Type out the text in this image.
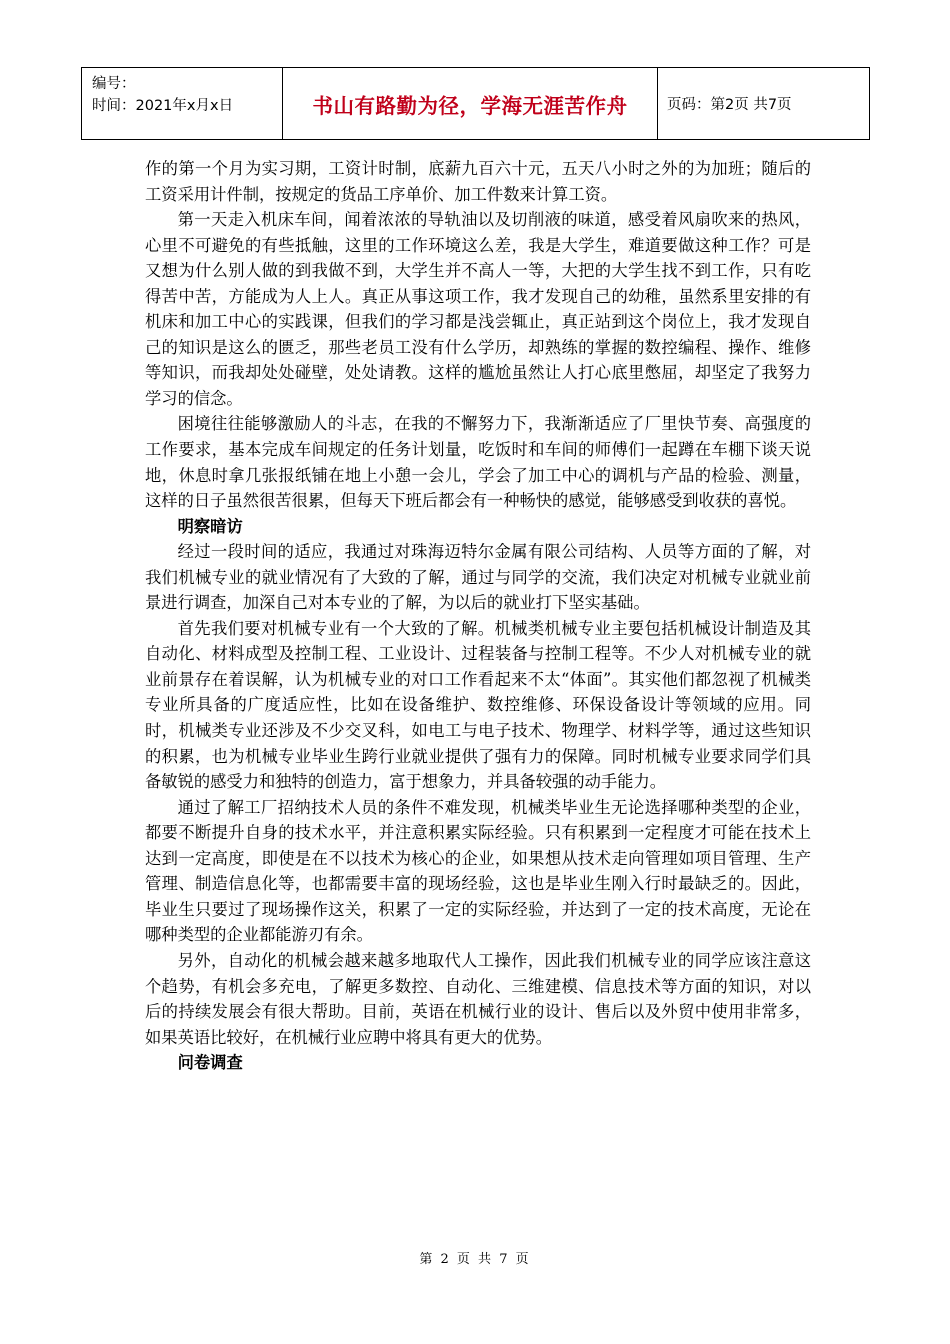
编号：
时间：2021年x月x日	书山有路勤为径，学海无涯苦作舟	页码：第2页 共7页

作的第一个月为实习期，工资计时制，底薪九百六十元，五天八小时之外的为加班；随后的工资采用计件制，按规定的货品工序单价、加工件数来计算工资。

第一天走入机床车间，闻着浓浓的导轨油以及切削液的味道，感受着风扇吹来的热风，心里不可避免的有些抵触，这里的工作环境这么差，我是大学生，难道要做这种工作？可是又想为什么别人做的到我做不到，大学生并不高人一等，大把的大学生找不到工作，只有吃得苦中苦，方能成为人上人。真正从事这项工作，我才发现自己的幼稚，虽然系里安排的有机床和加工中心的实践课，但我们的学习都是浅尝辄止，真正站到这个岗位上，我才发现自己的知识是这么的匮乏，那些老员工没有什么学历，却熟练的掌握的数控编程、操作、维修等知识，而我却处处碰壁，处处请教。这样的尴尬虽然让人打心底里憋屈，却坚定了我努力学习的信念。

困境往往能够激励人的斗志，在我的不懈努力下，我渐渐适应了厂里快节奏、高强度的工作要求，基本完成车间规定的任务计划量，吃饭时和车间的师傅们一起蹲在车棚下谈天说地，休息时拿几张报纸铺在地上小憩一会儿，学会了加工中心的调机与产品的检验、测量，这样的日子虽然很苦很累，但每天下班后都会有一种畅快的感觉，能够感受到收获的喜悦。

明察暗访

经过一段时间的适应，我通过对珠海迈特尔金属有限公司结构、人员等方面的了解，对我们机械专业的就业情况有了大致的了解，通过与同学的交流，我们决定对机械专业就业前景进行调查，加深自己对本专业的了解，为以后的就业打下坚实基础。

首先我们要对机械专业有一个大致的了解。机械类机械专业主要包括机械设计制造及其自动化、材料成型及控制工程、工业设计、过程装备与控制工程等。不少人对机械专业的就业前景存在着误解，认为机械专业的对口工作看起来不太“体面”。其实他们都忽视了机械类专业所具备的广度适应性，比如在设备维护、数控维修、环保设备设计等领域的应用。同时，机械类专业还涉及不少交叉科，如电工与电子技术、物理学、材料学等，通过这些知识的积累，也为机械专业毕业生跨行业就业提供了强有力的保障。同时机械专业要求同学们具备敏锐的感受力和独特的创造力，富于想象力，并具备较强的动手能力。

通过了解工厂招纳技术人员的条件不难发现，机械类毕业生无论选择哪种类型的企业，都要不断提升自身的技术水平，并注意积累实际经验。只有积累到一定程度才可能在技术上达到一定高度，即使是在不以技术为核心的企业，如果想从技术走向管理如项目管理、生产管理、制造信息化等，也都需要丰富的现场经验，这也是毕业生刚入行时最缺乏的。因此，毕业生只要过了现场操作这关，积累了一定的实际经验，并达到了一定的技术高度，无论在哪种类型的企业都能游刃有余。

另外，自动化的机械会越来越多地取代人工操作，因此我们机械专业的同学应该注意这个趋势，有机会多充电，了解更多数控、自动化、三维建模、信息技术等方面的知识，对以后的持续发展会有很大帮助。目前，英语在机械行业的设计、售后以及外贸中使用非常多，如果英语比较好，在机械行业应聘中将具有更大的优势。

问卷调查

第 2 页 共 7 页
